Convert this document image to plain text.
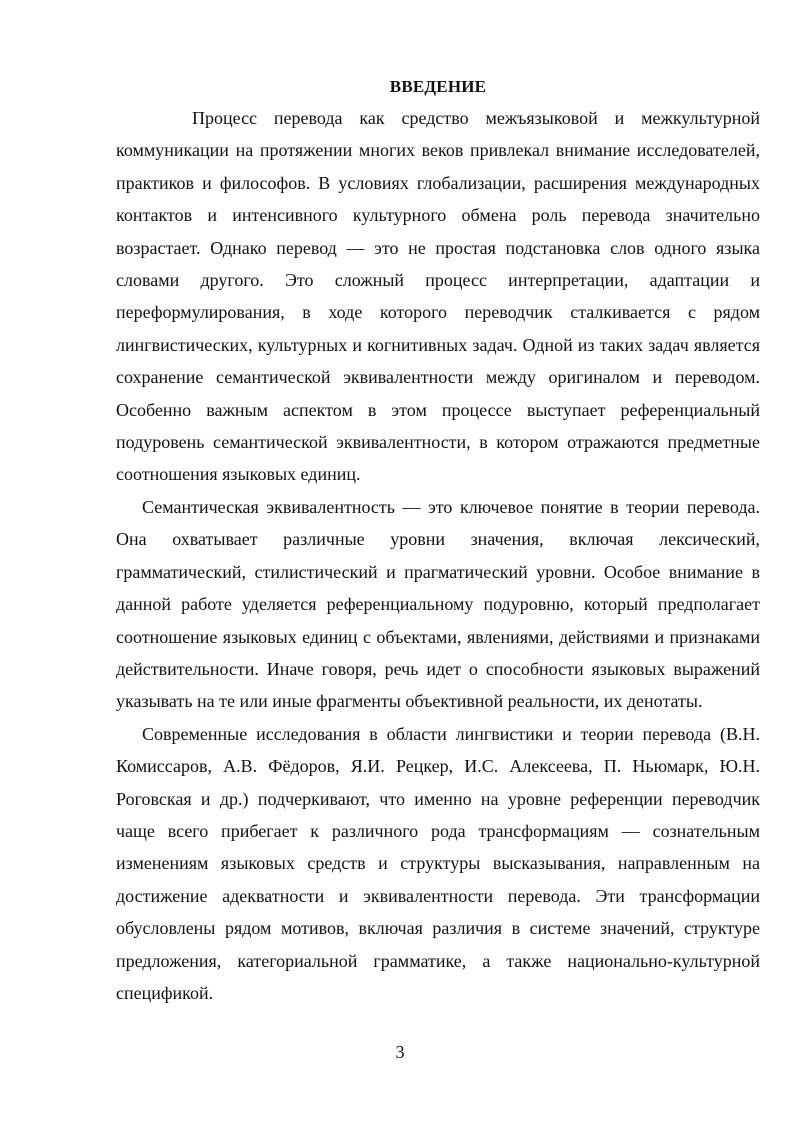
ВВЕДЕНИЕ

Процесс перевода как средство межъязыковой и межкультурной коммуникации на протяжении многих веков привлекал внимание исследователей, практиков и философов. В условиях глобализации, расширения международных контактов и интенсивного культурного обмена роль перевода значительно возрастает. Однако перевод — это не простая подстановка слов одного языка словами другого. Это сложный процесс интерпретации, адаптации и переформулирования, в ходе которого переводчик сталкивается с рядом лингвистических, культурных и когнитивных задач. Одной из таких задач является сохранение семантической эквивалентности между оригиналом и переводом. Особенно важным аспектом в этом процессе выступает референциальный подуровень семантической эквивалентности, в котором отражаются предметные соотношения языковых единиц.

Семантическая эквивалентность — это ключевое понятие в теории перевода. Она охватывает различные уровни значения, включая лексический, грамматический, стилистический и прагматический уровни. Особое внимание в данной работе уделяется референциальному подуровню, который предполагает соотношение языковых единиц с объектами, явлениями, действиями и признаками действительности. Иначе говоря, речь идет о способности языковых выражений указывать на те или иные фрагменты объективной реальности, их денотаты.

Современные исследования в области лингвистики и теории перевода (В.Н. Комиссаров, А.В. Фёдоров, Я.И. Рецкер, И.С. Алексеева, П. Ньюмарк, Ю.Н. Роговская и др.) подчеркивают, что именно на уровне референции переводчик чаще всего прибегает к различного рода трансформациям — сознательным изменениям языковых средств и структуры высказывания, направленным на достижение адекватности и эквивалентности перевода. Эти трансформации обусловлены рядом мотивов, включая различия в системе значений, структуре предложения, категориальной грамматике, а также национально-культурной спецификой.

3
